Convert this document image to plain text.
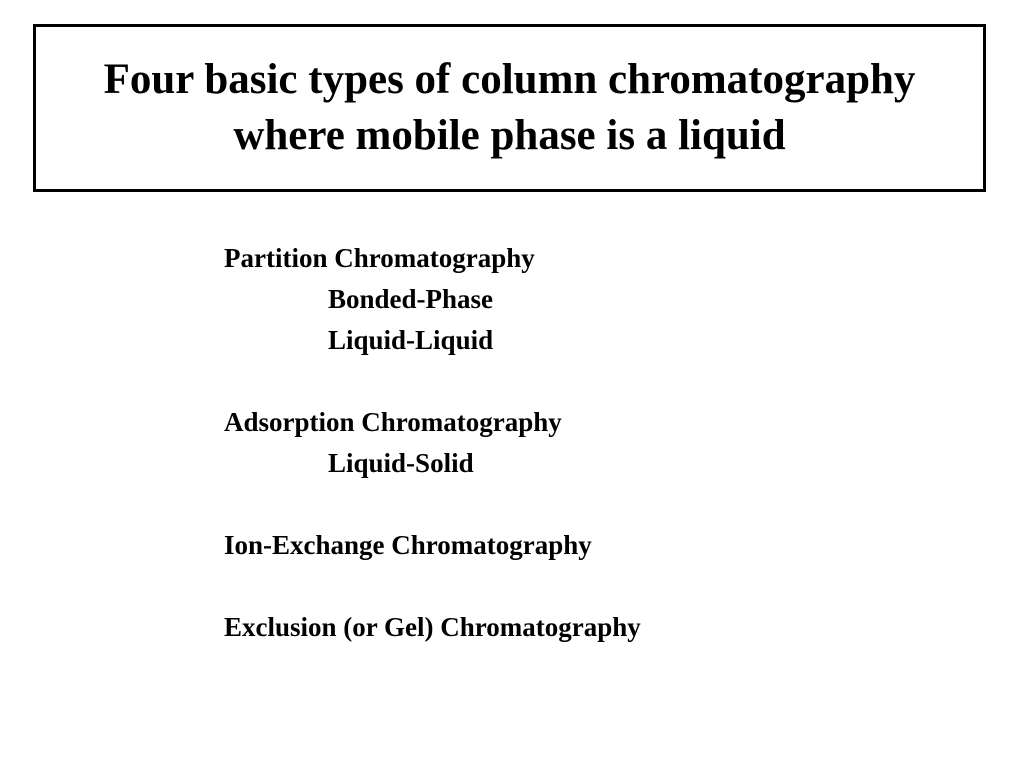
Four basic types of column chromatography
where mobile phase is a liquid
Partition Chromatography
Bonded-Phase
Liquid-Liquid
Adsorption Chromatography
Liquid-Solid
Ion-Exchange Chromatography
Exclusion (or Gel) Chromatography
